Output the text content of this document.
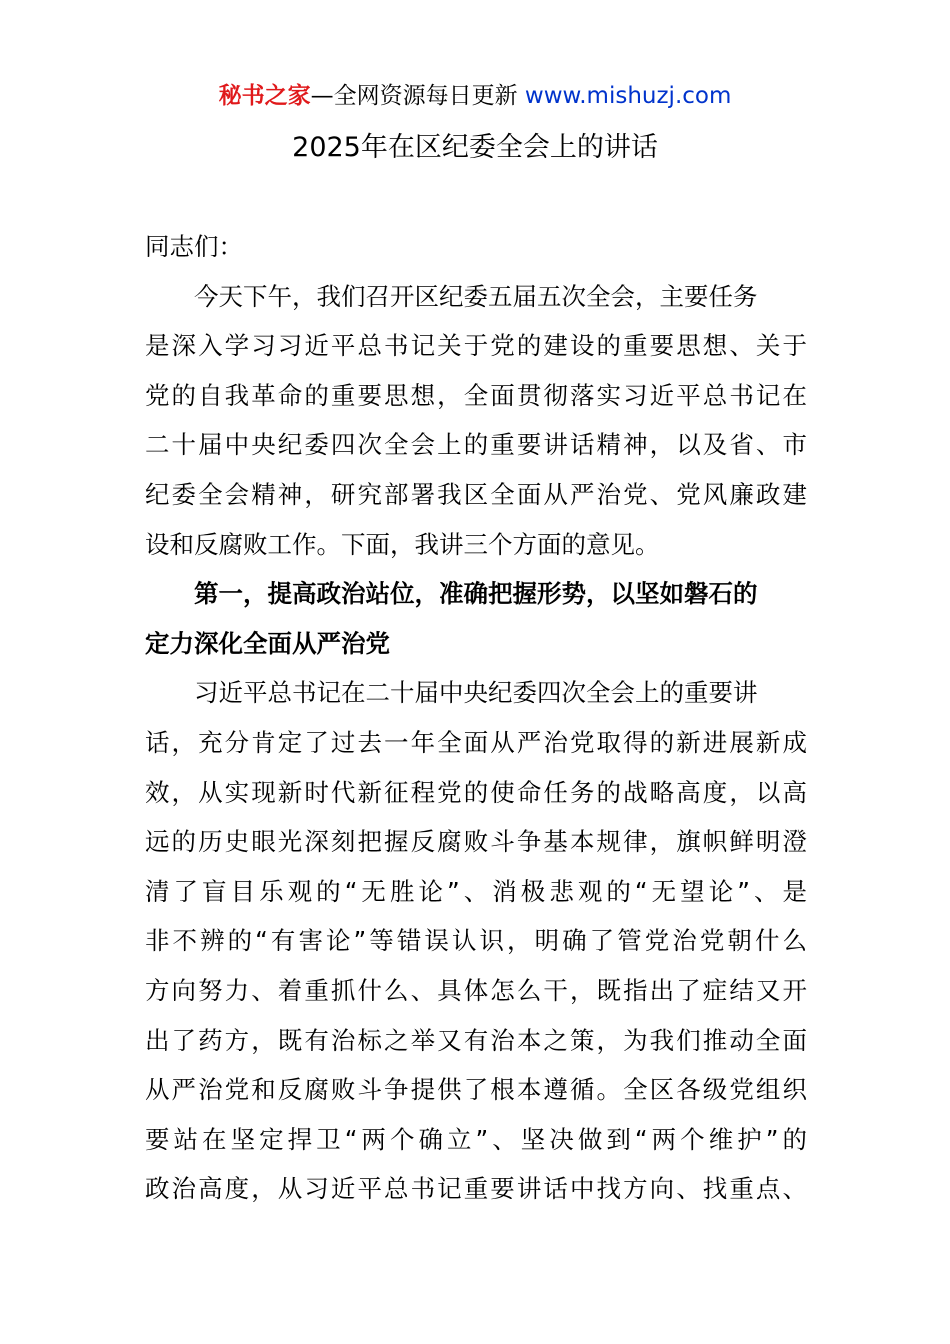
秘书之家—全网资源每日更新 www.mishuzj.com
2025年在区纪委全会上的讲话
同志们：
今天下午，我们召开区纪委五届五次全会，主要任务
是深入学习习近平总书记关于党的建设的重要思想、关于
党的自我革命的重要思想，全面贯彻落实习近平总书记在
二十届中央纪委四次全会上的重要讲话精神，以及省、市
纪委全会精神，研究部署我区全面从严治党、党风廉政建
设和反腐败工作。下面，我讲三个方面的意见。
第一，提高政治站位，准确把握形势，以坚如磐石的
定力深化全面从严治党
习近平总书记在二十届中央纪委四次全会上的重要讲
话，充分肯定了过去一年全面从严治党取得的新进展新成
效，从实现新时代新征程党的使命任务的战略高度，以高
远的历史眼光深刻把握反腐败斗争基本规律，旗帜鲜明澄
清了盲目乐观的“无胜论”、消极悲观的“无望论”、是
非不辨的“有害论”等错误认识，明确了管党治党朝什么
方向努力、着重抓什么、具体怎么干，既指出了症结又开
出了药方，既有治标之举又有治本之策，为我们推动全面
从严治党和反腐败斗争提供了根本遵循。全区各级党组织
要站在坚定捍卫“两个确立”、坚决做到“两个维护”的
政治高度，从习近平总书记重要讲话中找方向、找重点、
